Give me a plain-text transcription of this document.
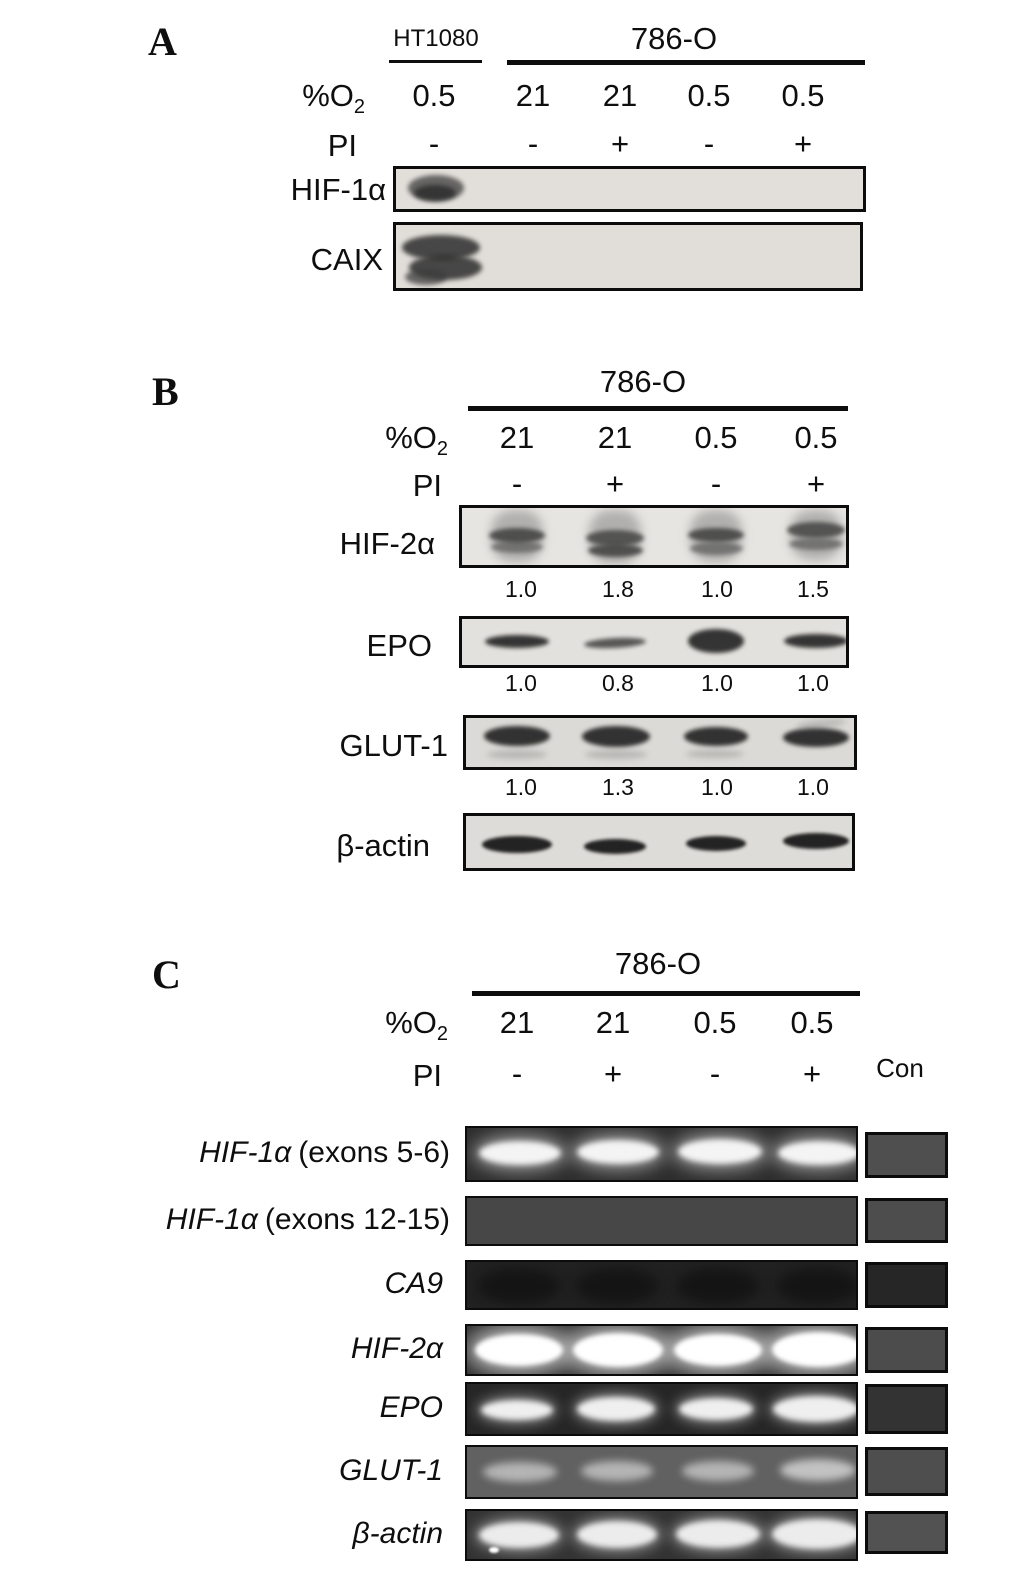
A	HT1080	786-O
$\%O_2$	0.5	21	21	0.5	0.5
PI	-	-	+	-	+
HIF-1α
CAIX
B	786-O
$\%O_2$	21	21	0.5	0.5
PI	-	+	-	+
HIF-2α
1.0	1.8	1.0	1.5
EPO
1.0	0.8	1.0	1.0
GLUT-1
1.0	1.3	1.0	1.0
β-actin
C	786-O
$\%O_2$	21	21	0.5	0.5
PI	-	+	-	+	Con
HIF-1α (exons 5-6)
HIF-1α (exons 12-15)
CA9
HIF-2α
EPO
GLUT-1
β-actin
